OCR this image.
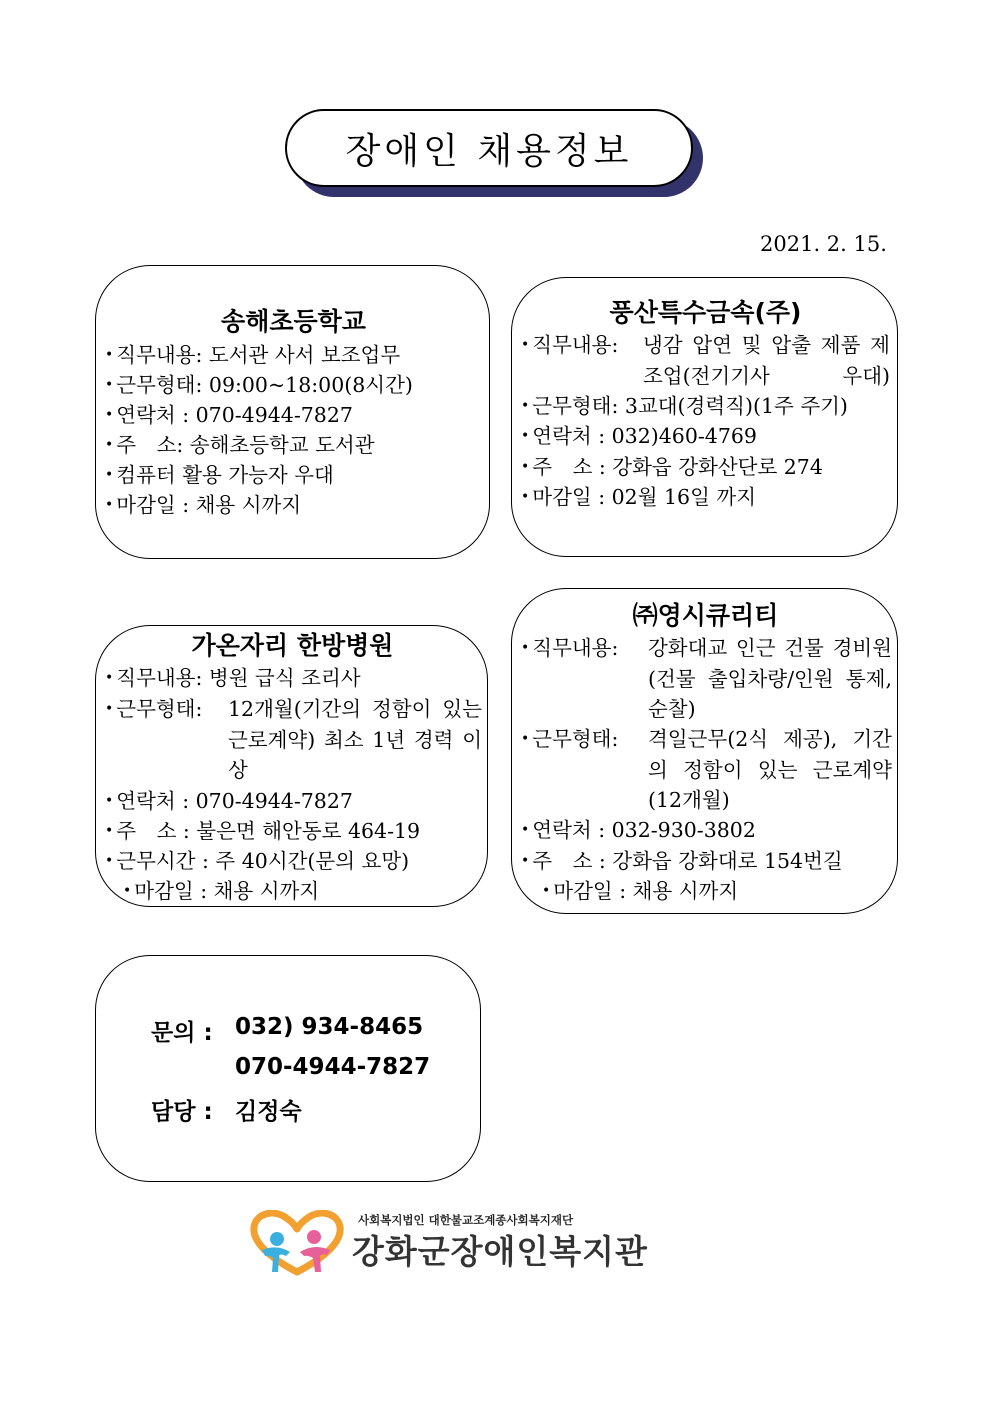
장애인 채용정보
2021. 2. 15.
송해초등학교
• 직무내용: 도서관 사서 보조업무
• 근무형태: 09:00~18:00(8시간)
• 연락처 : 070-4944-7827
• 주　소: 송해초등학교 도서관
• 컴퓨터 활용 가능자 우대
• 마감일 : 채용 시까지
풍산특수금속(주)
• 직무내용: 냉감 압연 및 압출 제품 제조업(전기기사 우대)
• 근무형태: 3교대(경력직)(1주 주기)
• 연락처 : 032)460-4769
• 주　소 : 강화읍 강화산단로 274
• 마감일 : 02월 16일 까지
가온자리 한방병원
• 직무내용: 병원 급식 조리사
• 근무형태: 12개월(기간의 정함이 있는 근로계약) 최소 1년 경력 이상
• 연락처 : 070-4944-7827
• 주　소 : 불은면 해안동로 464-19
• 근무시간 : 주 40시간(문의 요망)
• 마감일 : 채용 시까지
㈜영시큐리티
• 직무내용: 강화대교 인근 건물 경비원(건물 출입차량/인원 통제, 순찰)
• 근무형태: 격일근무(2식 제공), 기간의 정함이 있는 근로계약(12개월)
• 연락처 : 032-930-3802
• 주　소 : 강화읍 강화대로 154번길
• 마감일 : 채용 시까지
문의 : 032) 934-8465
070-4944-7827
담당 : 김정숙
사회복지법인 대한불교조계종사회복지재단
강화군장애인복지관
